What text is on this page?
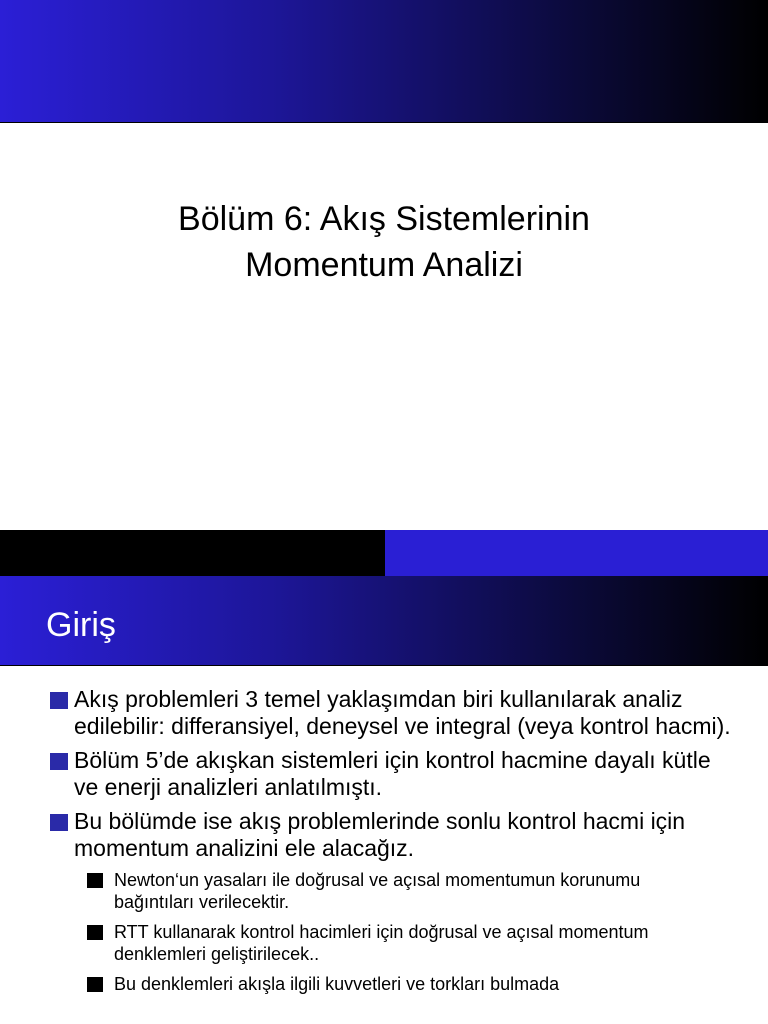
Bölüm 6: Akış Sistemlerinin
Momentum Analizi
Giriş
Akış problemleri 3 temel yaklaşımdan biri kullanılarak analiz edilebilir: differansiyel, deneysel ve integral (veya kontrol hacmi).
Bölüm 5’de akışkan sistemleri için kontrol hacmine dayalı kütle ve enerji analizleri anlatılmıştı.
Bu bölümde ise akış problemlerinde sonlu kontrol hacmi için momentum analizini ele alacağız.
Newton‘un yasaları ile doğrusal ve açısal momentumun korunumu bağıntıları verilecektir.
RTT kullanarak kontrol hacimleri için doğrusal ve açısal momentum denklemleri geliştirilecek..
Bu denklemleri akışla ilgili kuvvetleri ve torkları bulmada
